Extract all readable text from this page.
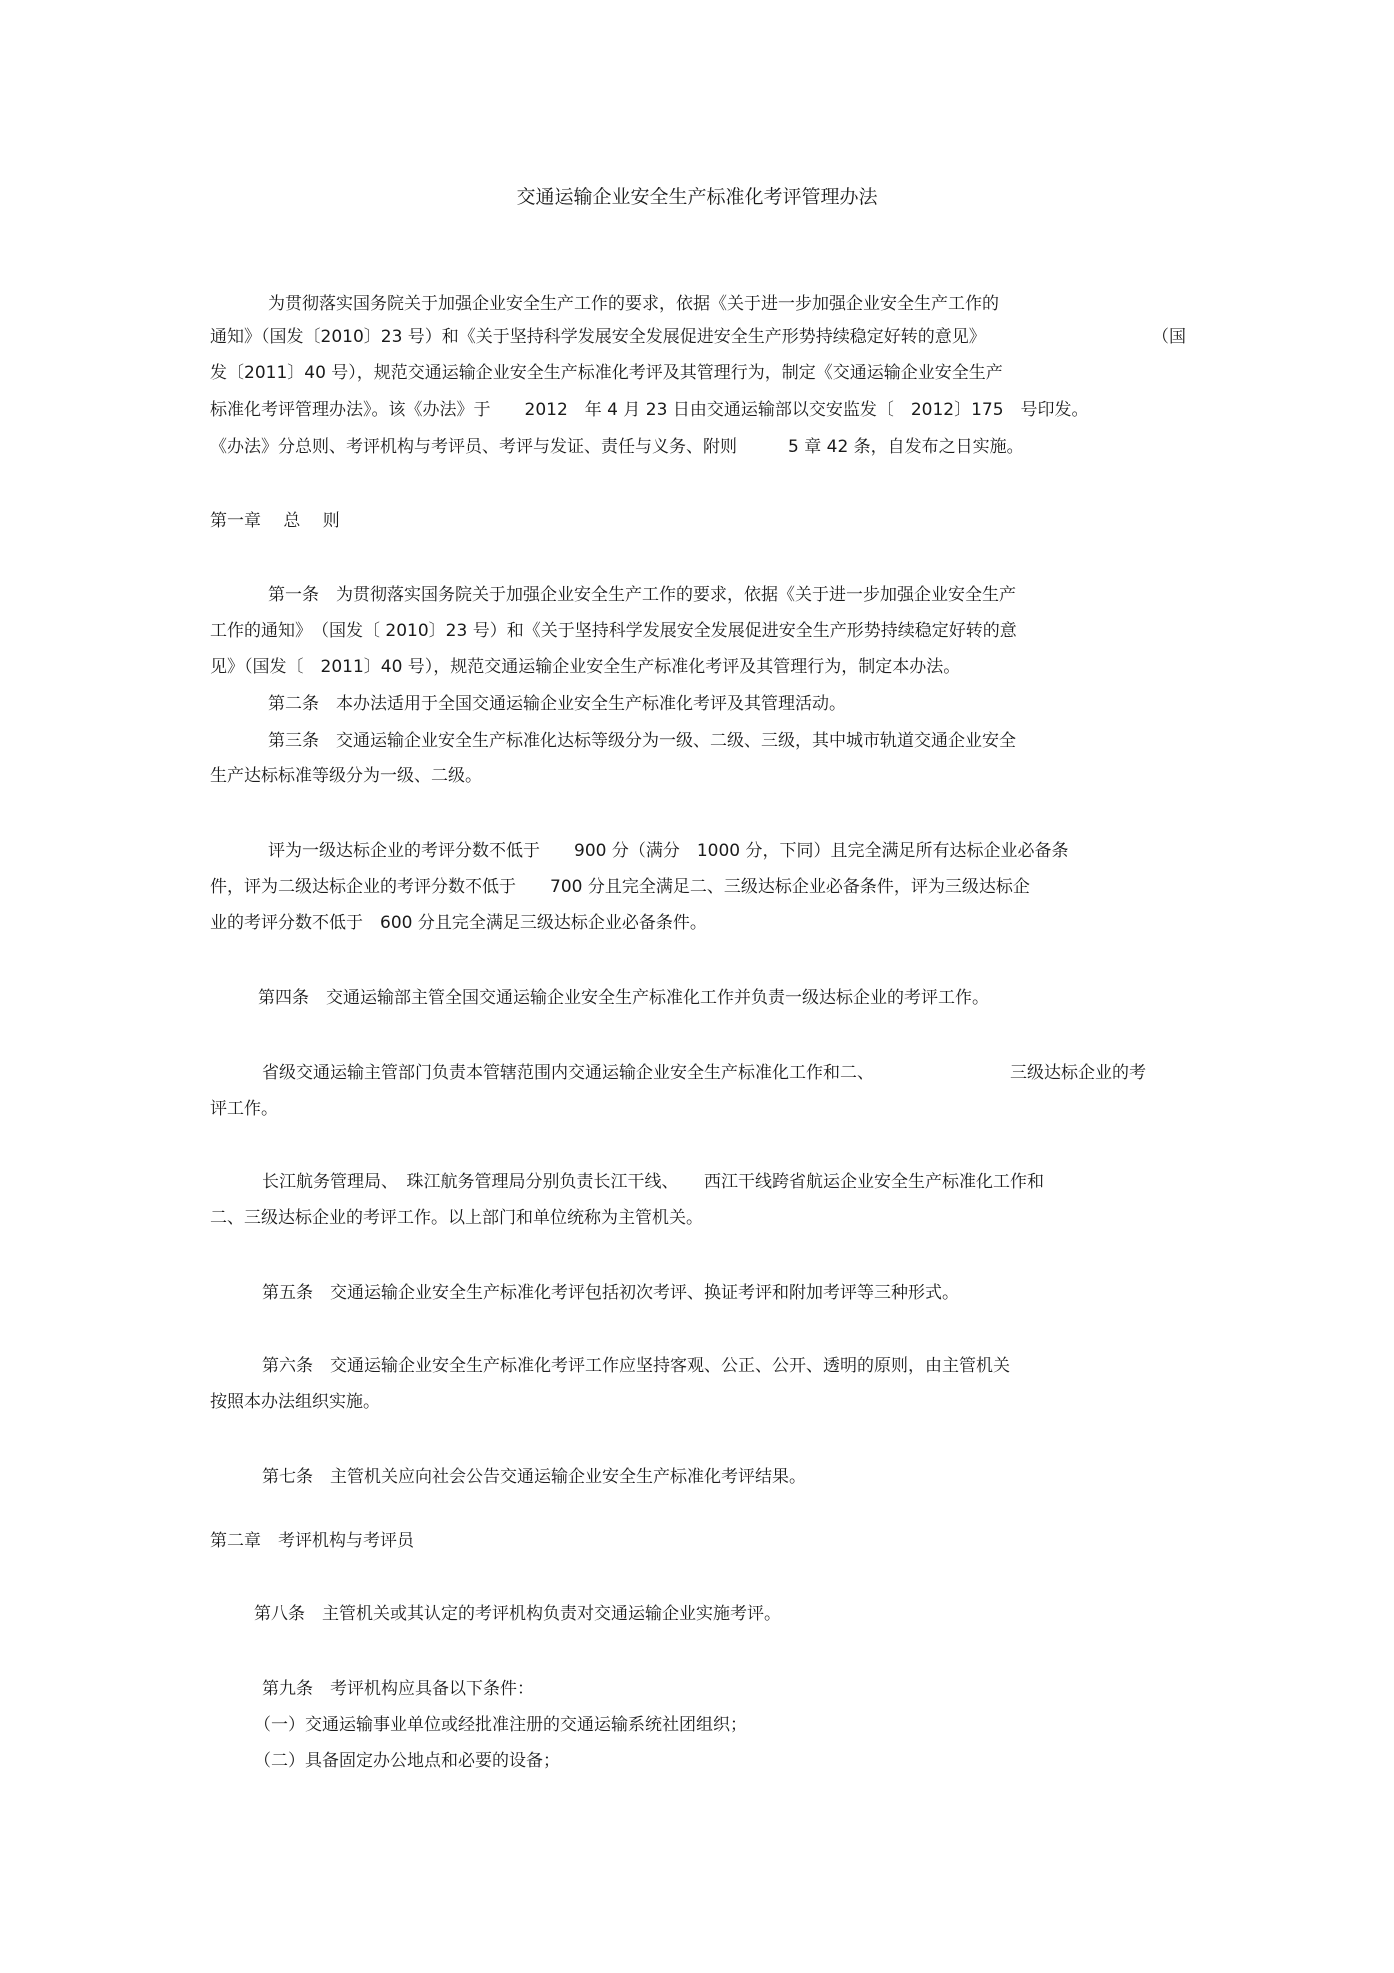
交通运输企业安全生产标准化考评管理办法
为贯彻落实国务院关于加强企业安全生产工作的要求，依据《关于进一步加强企业安全生产工作的
通知》（国发〔2010〕23 号）和《关于坚持科学发展安全发展促进安全生产形势持续稳定好转的意见》	（国
发〔2011〕40 号），规范交通运输企业安全生产标准化考评及其管理行为，制定《交通运输企业安全生产
标准化考评管理办法》。该《办法》于　　2012　年 4 月 23 日由交通运输部以交安监发〔　2012〕175　号印发。
《办法》分总则、考评机构与考评员、考评与发证、责任与义务、附则　　　5 章 42 条，自发布之日实施。
第一章　 总　 则
第一条　为贯彻落实国务院关于加强企业安全生产工作的要求，依据《关于进一步加强企业安全生产
工作的通知》　（国发〔 2010〕23 号）和《关于坚持科学发展安全发展促进安全生产形势持续稳定好转的意
见》（国发〔　2011〕40 号），规范交通运输企业安全生产标准化考评及其管理行为，制定本办法。
第二条　本办法适用于全国交通运输企业安全生产标准化考评及其管理活动。
第三条　交通运输企业安全生产标准化达标等级分为一级、二级、三级，其中城市轨道交通企业安全
生产达标标准等级分为一级、二级。
评为一级达标企业的考评分数不低于　　900 分（满分　1000 分，下同）且完全满足所有达标企业必备条
件，评为二级达标企业的考评分数不低于　　700 分且完全满足二、三级达标企业必备条件，评为三级达标企
业的考评分数不低于　600 分且完全满足三级达标企业必备条件。
第四条　交通运输部主管全国交通运输企业安全生产标准化工作并负责一级达标企业的考评工作。
省级交通运输主管部门负责本管辖范围内交通运输企业安全生产标准化工作和二、	三级达标企业的考
评工作。
长江航务管理局、　珠江航务管理局分别负责长江干线、　　西江干线跨省航运企业安全生产标准化工作和
二、三级达标企业的考评工作。以上部门和单位统称为主管机关。
第五条　交通运输企业安全生产标准化考评包括初次考评、换证考评和附加考评等三种形式。
第六条　交通运输企业安全生产标准化考评工作应坚持客观、公正、公开、透明的原则，由主管机关
按照本办法组织实施。
第七条　主管机关应向社会公告交通运输企业安全生产标准化考评结果。
第二章　考评机构与考评员
第八条　主管机关或其认定的考评机构负责对交通运输企业实施考评。
第九条　考评机构应具备以下条件：
（一）交通运输事业单位或经批准注册的交通运输系统社团组织；
（二）具备固定办公地点和必要的设备；
